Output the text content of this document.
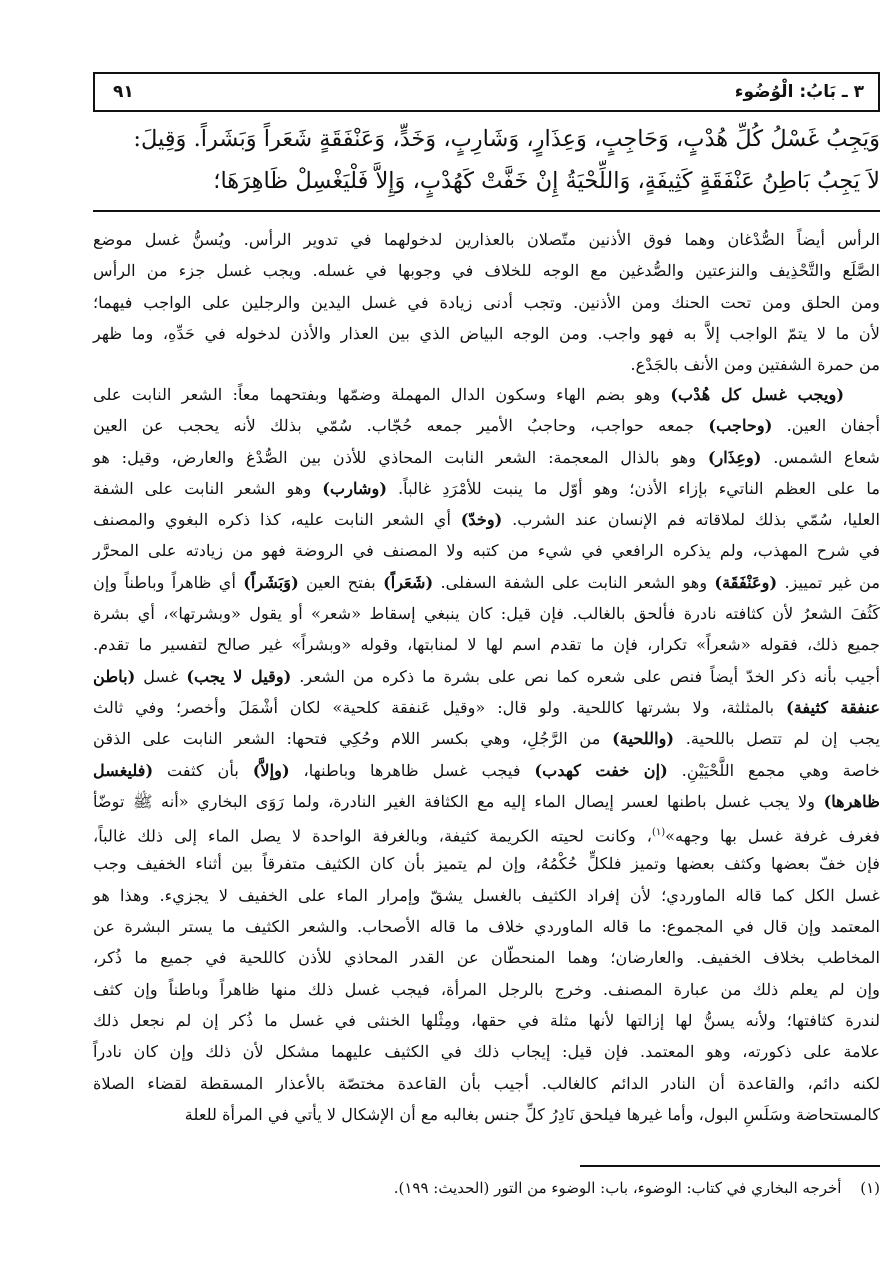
٣ ـ بَابُ: الْوُضُوء
٩١
وَيَجِبُ غَسْلُ كُلِّ هُدْبٍ، وَحَاجِبٍ، وَعِذَارٍ، وَشَارِبٍ، وَخَدٍّ، وَعَنْفَقَةٍ شَعَراً وَبَشَراً. وَقِيلَ:
لاَ يَجِبُ بَاطِنُ عَنْفَقَةٍ كَثِيفَةٍ، وَاللِّحْيَةُ إِنْ خَفَّتْ كَهُدْبٍ، وَإِلاَّ فَلْيَغْسِلْ ظَاهِرَهَا؛
الرأس أيضاً الصُّدْغان وهما فوق الأذنين متّصلان بالعذارين لدخولهما في تدوير الرأس. ويُسنُّ غسل موضع
الصَّلَع والتَّحْذِيف والنزعتين والصُّدغين مع الوجه للخلاف في وجوبها في غسله. ويجب غسل جزء من الرأس
ومن الحلق ومن تحت الحنك ومن الأذنين. وتجب أدنى زيادة في غسل اليدين والرجلين على الواجب فيهما؛
لأن ما لا يتمّ الواجب إلاَّ به فهو واجب. ومن الوجه البياض الذي بين العذار والأذن لدخوله في حَدِّهِ، وما ظهر
من حمرة الشفتين ومن الأنف بالجَدْع.
(ويجب غسل كل هُدْب) وهو بضم الهاء وسكون الدال المهملة وضمّها وبفتحهما معاً: الشعر النابت على
أجفان العين. (وحاجب) جمعه حواجب، وحاجبُ الأمير جمعه حُجّاب. سُمّي بذلك لأنه يحجب عن العين
شعاع الشمس. (وعِذَار) وهو بالذال المعجمة: الشعر النابت المحاذي للأذن بين الصُّدْغ والعارض، وقيل: هو
ما على العظم الناتيء بإزاء الأذن؛ وهو أوّل ما ينبت للأمْرَدِ غالباً. (وشارب) وهو الشعر النابت على الشفة
العليا، سُمّي بذلك لملاقاته فم الإنسان عند الشرب. (وخدّ) أي الشعر النابت عليه، كذا ذكره البغوي والمصنف
في شرح المهذب، ولم يذكره الرافعي في شيء من كتبه ولا المصنف في الروضة فهو من زيادته على المحرَّر
من غير تمييز. (وعَنْفَقَة) وهو الشعر النابت على الشفة السفلى. (شَعَراً) بفتح العين (وَبَشَراً) أي ظاهراً وباطناً وإن
كَثُفَ الشعرُ لأن كثافته نادرة فألحق بالغالب. فإن قيل: كان ينبغي إسقاط «شعر» أو يقول «وبشرتها»، أي بشرة
جميع ذلك، فقوله «شعراً» تكرار، فإن ما تقدم اسم لها لا لمنابتها، وقوله «وبشراً» غير صالح لتفسير ما تقدم.
أجيب بأنه ذكر الخدّ أيضاً فنص على شعره كما نص على بشرة ما ذكره من الشعر. (وقيل لا يجب) غسل (باطن
عنفقة كثيفة) بالمثلثة، ولا بشرتها كاللحية. ولو قال: «وقيل عَنفقة كلحية» لكان أشْمَلَ وأخصر؛ وفي ثالث
يجب إن لم تتصل باللحية. (واللحية) من الرَّجُلِ، وهي بكسر اللام وحُكِي فتحها: الشعر النابت على الذقن
خاصة وهي مجمع اللَّحْيَيْنِ. (إن خفت كهدب) فيجب غسل ظاهرها وباطنها، (وإلاَّ) بأن كثفت (فليغسل
ظاهرها) ولا يجب غسل باطنها لعسر إيصال الماء إليه مع الكثافة الغير النادرة، ولما رَوَى البخاري «أنه ﷺ توضّأ
فغرف غرفة غسل بها وجهه»$^{(١)}$، وكانت لحيته الكريمة كثيفة، وبالغرفة الواحدة لا يصل الماء إلى ذلك غالباً،
فإن خفّ بعضها وكثف بعضها وتميز فلكلٍّ حُكْمُهُ، وإن لم يتميز بأن كان الكثيف متفرقاً بين أثناء الخفيف وجب
غسل الكل كما قاله الماوردي؛ لأن إفراد الكثيف بالغسل يشقّ وإمرار الماء على الخفيف لا يجزيء. وهذا هو
المعتمد وإن قال في المجموع: ما قاله الماوردي خلاف ما قاله الأصحاب. والشعر الكثيف ما يستر البشرة عن
المخاطب بخلاف الخفيف. والعارضان؛ وهما المنحطّان عن القدر المحاذي للأذن كاللحية في جميع ما ذُكر،
وإن لم يعلم ذلك من عبارة المصنف. وخرج بالرجل المرأة، فيجب غسل ذلك منها ظاهراً وباطناً وإن كثف
لندرة كثافتها؛ ولأنه يسنُّ لها إزالتها لأنها مثلة في حقها، ومِثْلها الخنثى في غسل ما ذُكر إن لم نجعل ذلك
علامة على ذكورته، وهو المعتمد. فإن قيل: إيجاب ذلك في الكثيف عليهما مشكل لأن ذلك وإن كان نادراً
لكنه دائم، والقاعدة أن النادر الدائم كالغالب. أجيب بأن القاعدة مختصّة بالأعذار المسقطة لقضاء الصلاة
كالمستحاضة وسَلَسِ البول، وأما غيرها فيلحق نَادِرُ كلِّ جنس بغالبه مع أن الإشكال لا يأتي في المرأة للعلة
(١) أخرجه البخاري في كتاب: الوضوء، باب: الوضوء من التور (الحديث: ١٩٩).
